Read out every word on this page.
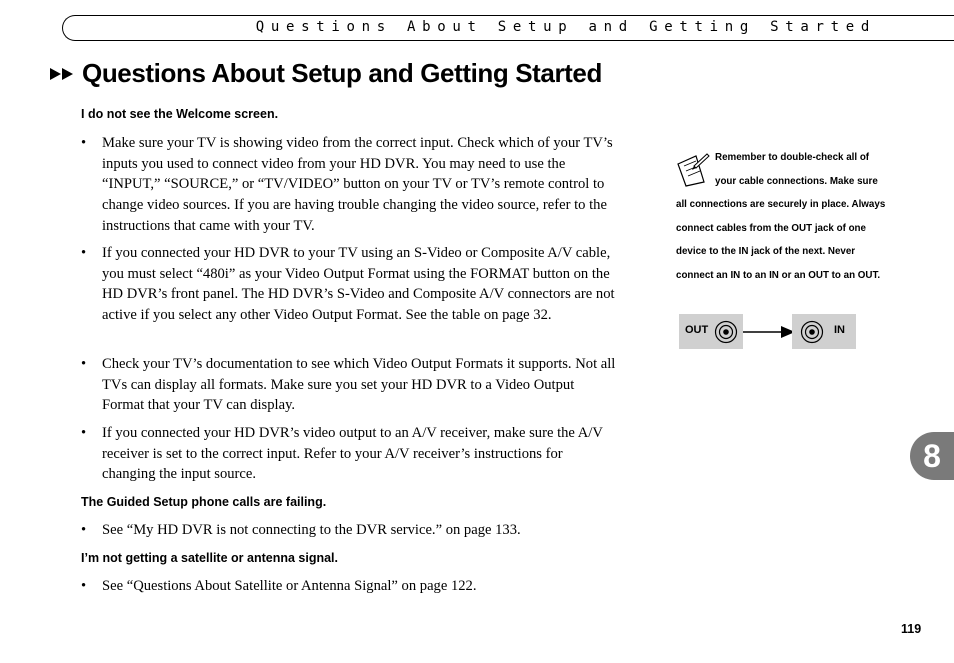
Questions About Setup and Getting Started
Questions About Setup and Getting Started
I do not see the Welcome screen.
• Make sure your TV is showing video from the correct input. Check which of your TV’s inputs you used to connect video from your HD DVR. You may need to use the “INPUT,” “SOURCE,” or “TV/VIDEO” button on your TV or TV’s remote control to change video sources. If you are having trouble changing the video source, refer to the instructions that came with your TV.
• If you connected your HD DVR to your TV using an S-Video or Composite A/V cable, you must select “480i” as your Video Output Format using the FORMAT button on the HD DVR’s front panel. The HD DVR’s S-Video and Composite A/V connectors are not active if you select any other Video Output Format. See the table on page 32.
• Check your TV’s documentation to see which Video Output Formats it supports. Not all TVs can display all formats. Make sure you set your HD DVR to a Video Output Format that your TV can display.
• If you connected your HD DVR’s video output to an A/V receiver, make sure the A/V receiver is set to the correct input. Refer to your A/V receiver’s instructions for changing the input source.
The Guided Setup phone calls are failing.
• See “My HD DVR is not connecting to the DVR service.” on page 133.
I’m not getting a satellite or antenna signal.
• See “Questions About Satellite or Antenna Signal” on page 122.
Remember to double-check all of your cable connections. Make sure all connections are securely in place. Always connect cables from the OUT jack of one device to the IN jack of the next. Never connect an IN to an IN or an OUT to an OUT.
OUT	IN
8
119
